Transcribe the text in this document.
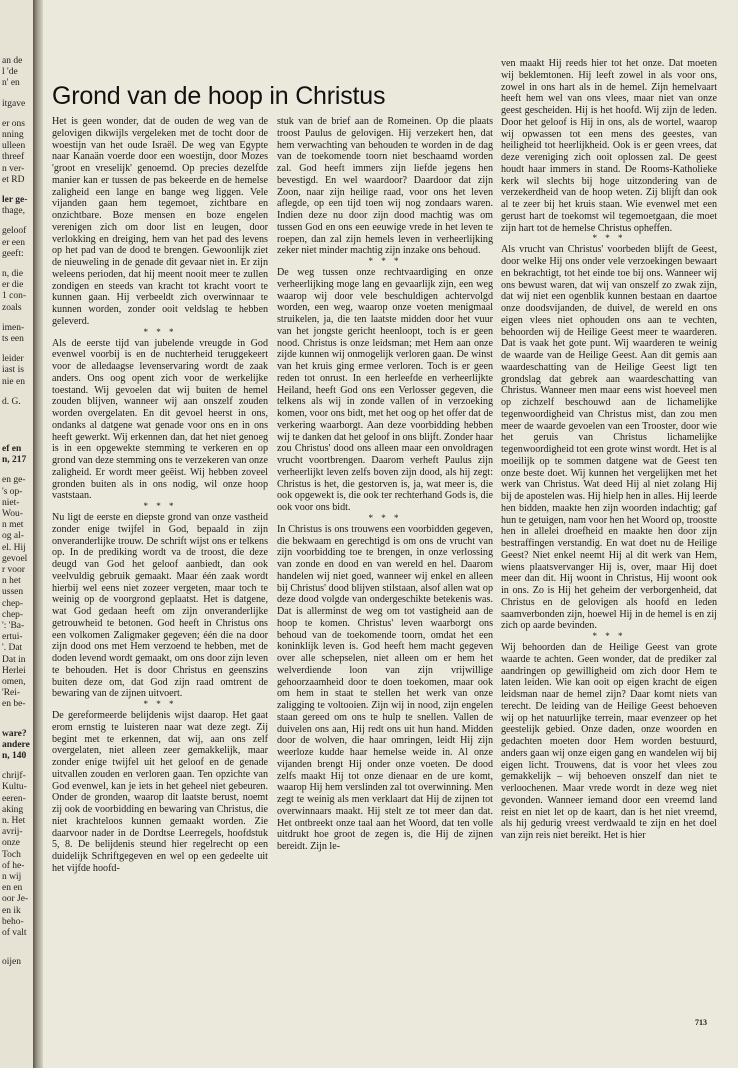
an de
l 'de
n' en
itgave
er ons
nning
ulleen
threef
n ver-
et RD
ler ge-
thage,
geloof
er een
geeft:
n, die
er die
1 con-
zoals
imen-
ts een
leider
iast is
nie en
d. G.
ef en
n, 217
en ge-
's op-
niet-
Wou-
n met
og al-
el. Hij
gevoel
r voor
n het
ussen
chep-
chep-
': 'Ba-
ertui-
'. Dat
Dat in
Herlei
omen,
'Rei-
en be-
ware?
andere
n, 140
chrijf-
Kultu-
eeren-
aking
n. Het
avrij-
onze
Toch
of he-
n wij
en en
oor Je-
en ik
beho-
of valt
oijen
Grond van de hoop in Christus

Het is geen wonder, dat de ouden de weg van de gelovigen dikwijls vergeleken met de tocht door de woestijn van het oude Israël. De weg van Egypte naar Kanaän voerde door een woestijn, door Mozes 'groot en vreselijk' genoemd. Op precies dezelfde manier kan er tussen de pas bekeerde en de hemelse zaligheid een lange en bange weg liggen. Vele vijanden gaan hem tegemoet, zichtbare en onzichtbare. Boze mensen en boze engelen verenigen zich om door list en leugen, door verlokking en dreiging, hem van het pad des levens op het pad van de dood te brengen. Gewoonlijk ziet de nieuweling in de genade dit gevaar niet in. Er zijn weleens perioden, dat hij meent nooit meer te zullen zondigen en steeds van kracht tot kracht voort te kunnen gaan. Hij verbeeldt zich overwinnaar te kunnen worden, zonder ooit veldslag te hebben geleverd.

* * *

Als de eerste tijd van jubelende vreugde in God evenwel voorbij is en de nuchterheid teruggekeert voor de alledaagse levenservaring wordt de zaak anders. Ons oog opent zich voor de werkelijke toestand. Wij gevoelen dat wij buiten de hemel zouden blijven, wanneer wij aan onszelf zouden worden overgelaten. En dit gevoel heerst in ons, ondanks al datgene wat genade voor ons en in ons heeft gewerkt. Wij erkennen dan, dat het niet genoeg is in een opgewekte stemming te verkeren en op grond van deze stemming ons te verzekeren van onze zaligheid. Er wordt meer geëist. Wij hebben zoveel gronden buiten als in ons nodig, wil onze hoop vaststaan.

* * *

Nu ligt de eerste en diepste grond van onze vastheid zonder enige twijfel in God, bepaald in zijn onveranderlijke trouw. De schrift wijst ons er telkens op. In de prediking wordt va de troost, die deze deugd van God het geloof aanbiedt, dan ook veelvuldig gebruik gemaakt. Maar één zaak wordt hierbij wel eens niet zozeer vergeten, maar toch te weinig op de voorgrond geplaatst. Het is datgene, wat God gedaan heeft om zijn onveranderlijke getrouwheid te betonen. God heeft in Christus ons een volkomen Zaligmaker gegeven; één die na door zijn dood ons met Hem verzoend te hebben, met de doden levend wordt gemaakt, om ons door zijn leven te behouden. Het is door Christus en geenszins buiten deze om, dat God zijn raad omtrent de bewaring van de zijnen uitvoert.

* * *

De gereformeerde belijdenis wijst daarop. Het gaat erom ernstig te luisteren naar wat deze zegt. Zij begint met te erkennen, dat wij, aan ons zelf overgelaten, niet alleen zeer gemakkelijk, maar zonder enige twijfel uit het geloof en de genade uitvallen zouden en verloren gaan. Ten opzichte van God evenwel, kan je iets in het geheel niet gebeuren. Onder de gronden, waarop dit laatste berust, noemt zij ook de voorbidding en bewaring van Christus, die niet krachteloos kunnen gemaakt worden. Zie daarvoor nader in de Dordtse Leerregels, hoofdstuk 5, 8. De belijdenis steund hier regelrecht op een duidelijk Schriftgegeven en wel op een gedeelte uit het vijfde hoofd-

stuk van de brief aan de Romeinen. Op die plaats troost Paulus de gelovigen. Hij verzekert hen, dat hem verwachting van behouden te worden in de dag van de toekomende toorn niet beschaamd worden zal. God heeft immers zijn liefde jegens hen bevestigd. En wel waardoor? Daardoor dat zijn Zoon, naar zijn heilige raad, voor ons het leven aflegde, op een tijd toen wij nog zondaars waren. Indien deze nu door zijn dood machtig was om tussen God en ons een eeuwige vrede in het leven te roepen, dan zal zijn hemels leven in verheerlijking zeker niet minder machtig zijn inzake ons behoud.

* * *

De weg tussen onze rechtvaardiging en onze verheerlijking moge lang en gevaarlijk zijn, een weg waarop wij door vele beschuldigen achtervolgd worden, een weg, waarop onze voeten menigmaal struikelen, ja, die ten laatste midden door het vuur van het jongste gericht heenloopt, toch is er geen nood. Christus is onze leidsman; met Hem aan onze zijde kunnen wij onmogelijk verloren gaan. De winst van het kruis ging ermee verloren. Toch is er geen reden tot onrust. In een herleefde en verheerlijkte Heiland, heeft God ons een Verlosser gegeven, die telkens als wij in zonde vallen of in verzoeking komen, voor ons bidt, met het oog op het offer dat de verkering waarborgt. Aan deze voorbidding hebben wij te danken dat het geloof in ons blijft. Zonder haar zou Christus' dood ons alleen maar een onvoldragen vrucht voortbrengen. Daarom verheft Paulus zijn verheerlijkt leven zelfs boven zijn dood, als hij zegt: Christus is het, die gestorven is, ja, wat meer is, die ook opgewekt is, die ook ter rechterhand Gods is, die ook voor ons bidt.

* * *

In Christus is ons trouwens een voorbidden gegeven, die bekwaam en gerechtigd is om ons de vrucht van zijn voorbidding toe te brengen, in onze verlossing van zonde en dood en van wereld en hel. Daarom handelen wij niet goed, wanneer wij enkel en alleen bij Christus' dood blijven stilstaan, alsof allen wat op deze dood volgde van ondergeschikte betekenis was. Dat is allerminst de weg om tot vastigheid aan de hoop te komen. Christus' leven waarborgt ons behoud van de toekomende toorn, omdat het een koninklijk leven is. God heeft hem macht gegeven over alle schepselen, niet alleen om er hem het welverdiende loon van zijn vrijwillige gehoorzaamheid door te doen toekomen, maar ook om hem in staat te stellen het werk van onze zaligging te voltooien. Zijn wij in nood, zijn engelen staan gereed om ons te hulp te snellen. Vallen de duivelen ons aan, Hij redt ons uit hun hand. Midden door de wolven, die haar omringen, leidt Hij zijn weerloze kudde haar hemelse weide in. Al onze vijanden brengt Hij onder onze voeten. De dood zelfs maakt Hij tot onze dienaar en de ure komt, waarop Hij hem verslinden zal tot overwinning. Men zegt te weinig als men verklaart dat Hij de zijnen tot overwinnaars maakt. Hij stelt ze tot meer dan dat. Het ontbreekt onze taal aan het Woord, dat ten volle uitdrukt hoe groot de zegen is, die Hij de zijnen bereidt. Zijn le-

ven maakt Hij reeds hier tot het onze. Dat moeten wij beklemtonen. Hij leeft zowel in als voor ons, zowel in ons hart als in de hemel. Zijn hemelvaart heeft hem wel van ons vlees, maar niet van onze geest gescheiden. Hij is het hoofd. Wij zijn de leden. Door het geloof is Hij in ons, als de wortel, waarop wij opwassen tot een mens des geestes, van heiligheid tot heerlijkheid. Ook is er geen vrees, dat deze vereniging zich ooit oplossen zal. De geest houdt haar immers in stand. De Rooms-Katholieke kerk wil slechts bij hoge uitzondering van de verzekerdheid van de hoop weten. Zij blijft dan ook al te zeer bij het kruis staan. Wie evenwel met een gerust hart de toekomst wil tegemoetgaan, die moet zijn hart tot de hemelse Christus opheffen.

* * *

Als vrucht van Christus' voorbeden blijft de Geest, door welke Hij ons onder vele verzoekingen bewaart en bekrachtigt, tot het einde toe bij ons. Wanneer wij ons bewust waren, dat wij van onszelf zo zwak zijn, dat wij niet een ogenblik kunnen bestaan en daartoe onze doodsvijanden, de duivel, de wereld en ons eigen vlees niet ophouden ons aan te vechten, behoorden wij de Heilige Geest meer te waarderen. Dat is vaak het gote punt. Wij waarderen te weinig de waarde van de Heilige Geest. Aan dit gemis aan waardeschatting van de Heilige Geest ligt ten grondslag dat gebrek aan waardeschatting van Christus. Wanneer men maar eens wist hoeveel men op zichzelf beschouwd aan de lichamelijke tegenwoordigheid van Christus mist, dan zou men meer de waarde gevoelen van een Trooster, door wie het geruis van Christus lichamelijke tegenwoordigheid tot een grote winst wordt. Het is al moeilijk op te sommen datgene wat de Geest ten onze beste doet. Wij kunnen het vergelijken met het werk van Christus. Wat deed Hij al niet zolang Hij bij de apostelen was. Hij hielp hen in alles. Hij leerde hen bidden, maakte hen zijn woorden indachtig; gaf hun te getuigen, nam voor hen het Woord op, troostte hen in allelei droefheid en maakte hen door zijn bestraffingen verstandig. En wat doet nu de Heilige Geest? Niet enkel neemt Hij al dit werk van Hem, wiens plaatsvervanger Hij is, over, maar Hij doet meer dan dit. Hij woont in Christus, Hij woont ook in ons. Zo is Hij het geheim der verborgenheid, dat Christus en de gelovigen als hoofd en leden saamverbonden zijn, hoewel Hij in de hemel is en zij zich op aarde bevinden.

* * *

Wij behoorden dan de Heilige Geest van grote waarde te achten. Geen wonder, dat de prediker zal aandringen op gewilligheid om zich door Hem te laten leiden. Wie kan ooit op eigen kracht de eigen leidsman naar de hemel zijn? Daar komt niets van terecht. De leiding van de Heilige Geest behoeven wij op het natuurlijke terrein, maar evenzeer op het geestelijk gebied. Onze daden, onze woorden en gedachten moeten door Hem worden bestuurd, anders gaan wij onze eigen gang en wandelen wij bij eigen licht. Trouwens, dat is voor het vlees zou gemakkelijk – wij behoeven onszelf dan niet te verloochenen. Maar vrede wordt in deze weg niet gevonden. Wanneer iemand door een vreemd land reist en niet let op de kaart, dan is het niet vreemd, als hij gedurig vreest verdwaald te zijn en het doel van zijn reis niet bereikt. Het is hier

713
